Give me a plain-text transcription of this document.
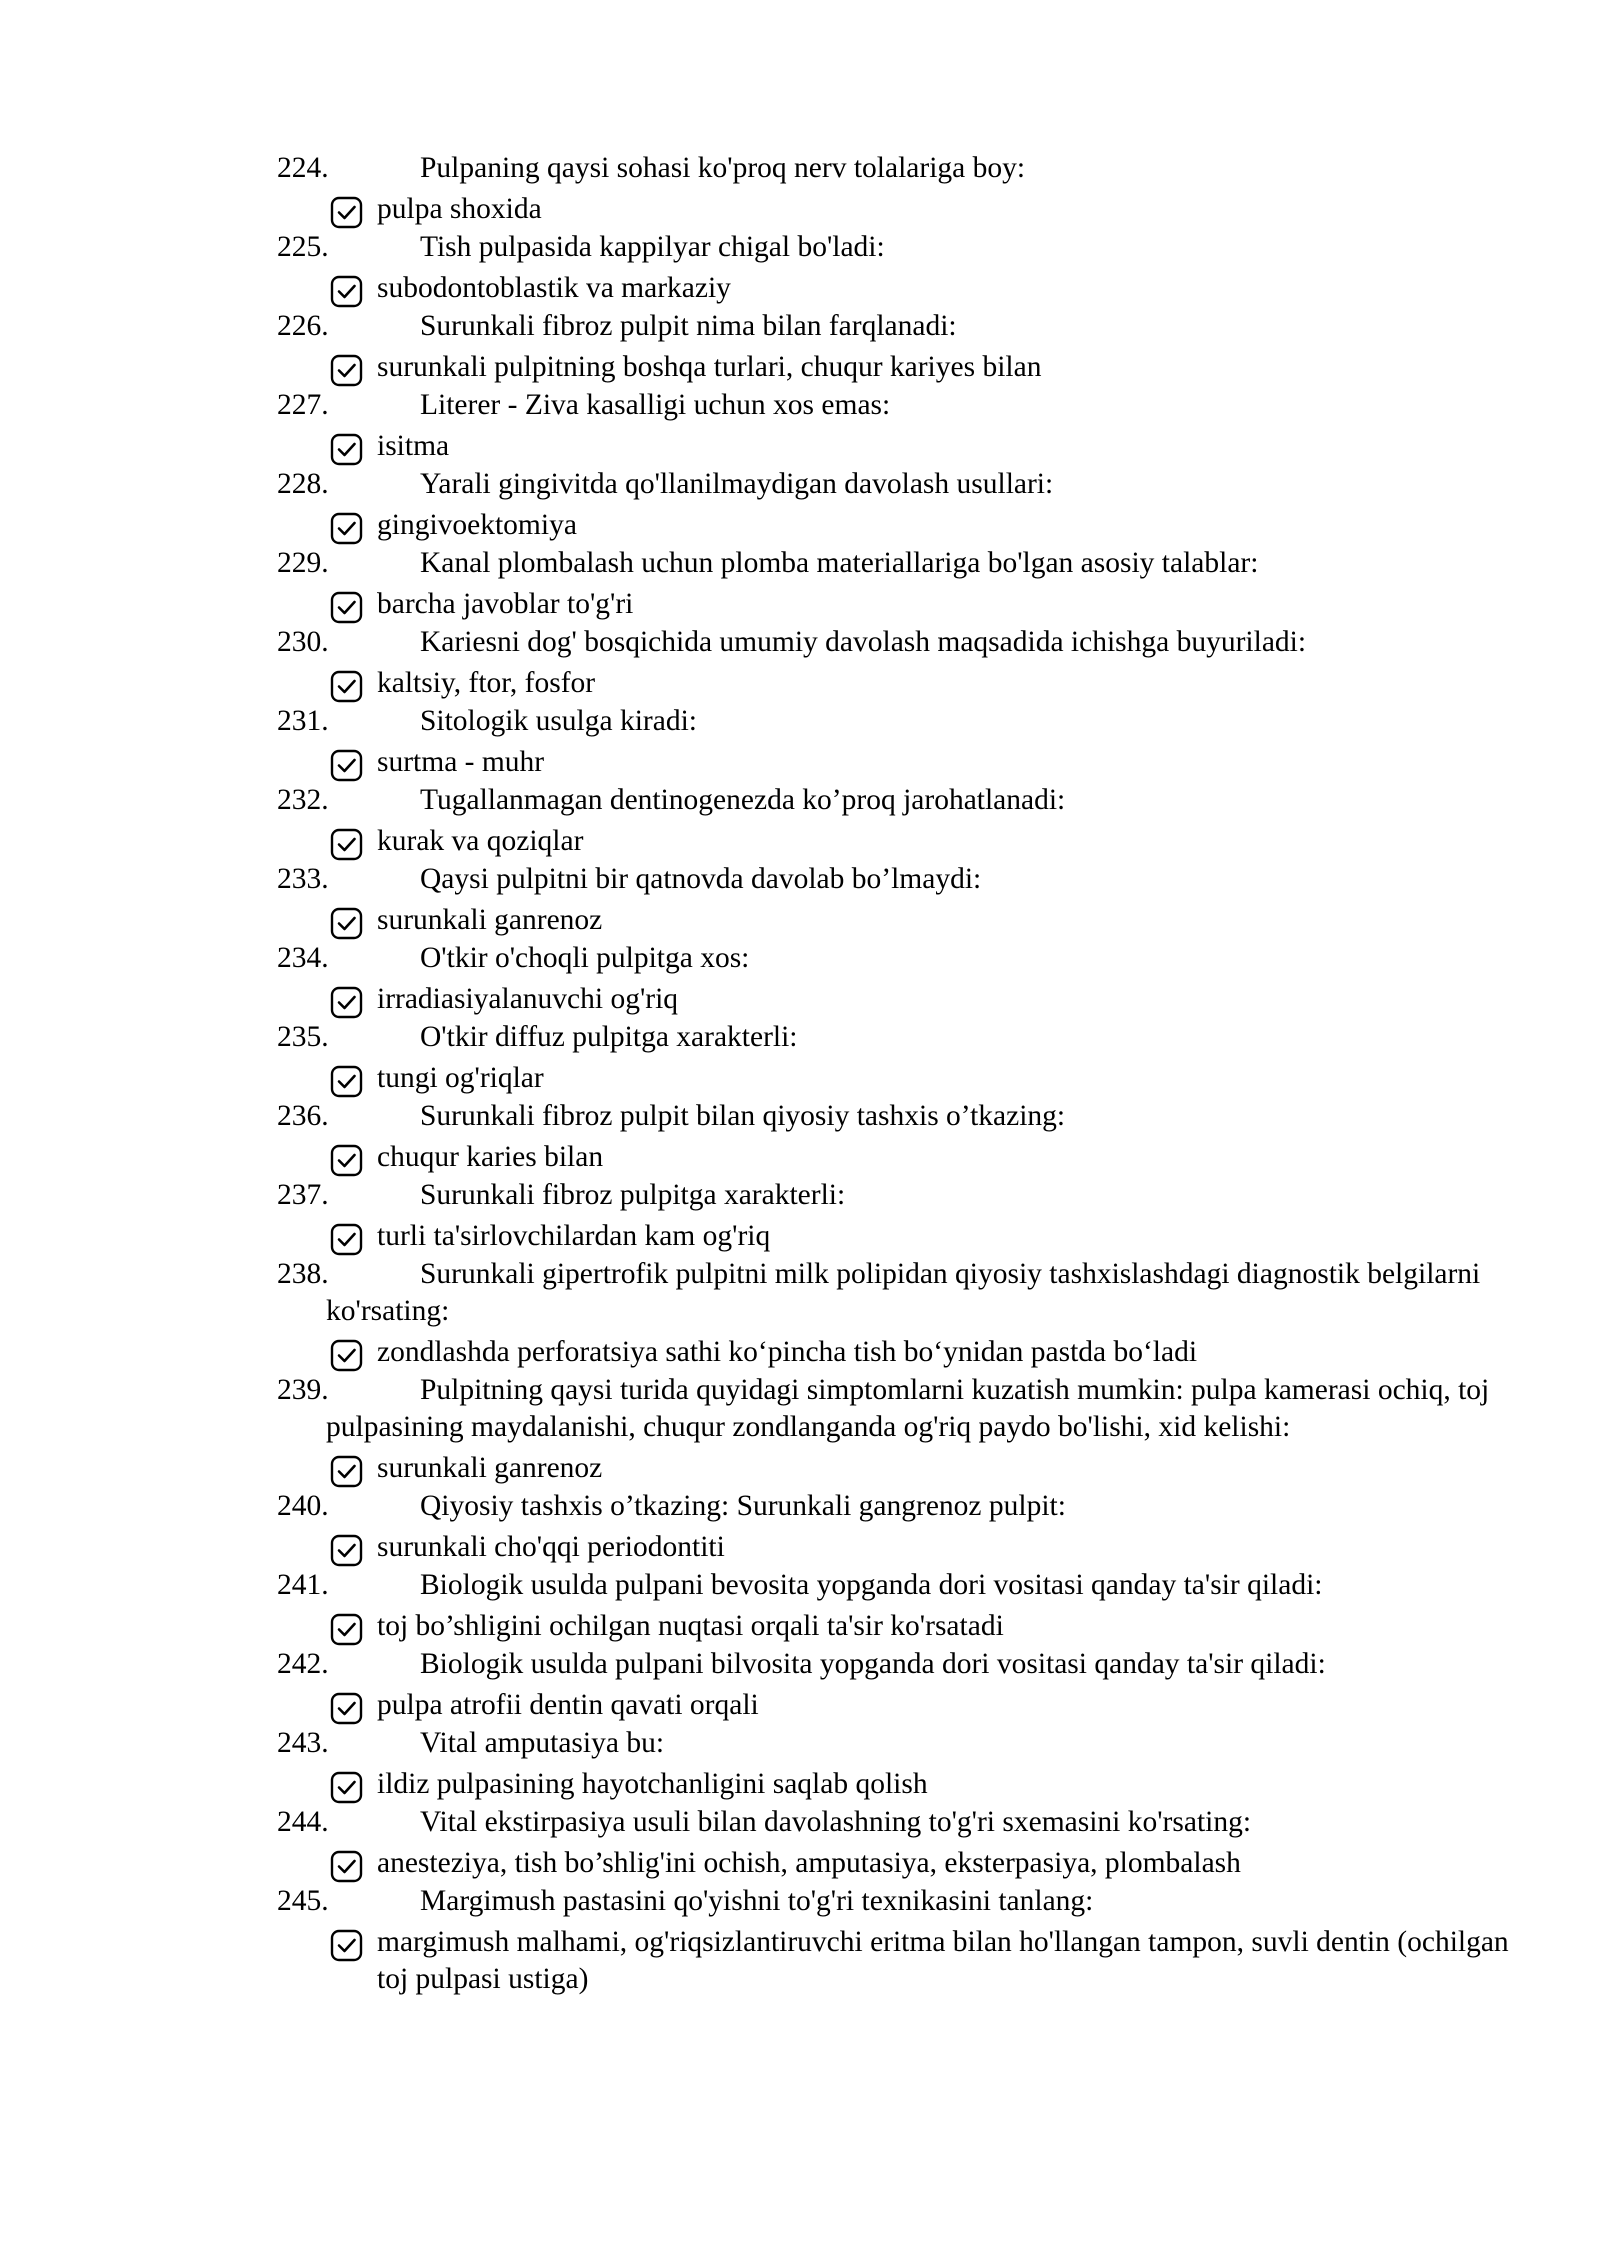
224.	Pulpaning qaysi sohasi ko'proq nerv tolalariga boy:
pulpa shoxida
225.	Tish pulpasida kappilyar chigal bo'ladi:
subodontoblastik va markaziy
226.	Surunkali fibroz pulpit nima bilan farqlanadi:
surunkali pulpitning boshqa turlari, chuqur kariyes bilan
227.	Literer - Ziva kasalligi uchun xos emas:
isitma
228.	Yarali gingivitda qo'llanilmaydigan davolash usullari:
gingivoektomiya
229.	Kanal plombalash uchun plomba materiallariga bo'lgan asosiy talablar:
barcha javoblar to'g'ri
230.	Kariesni dog' bosqichida umumiy davolash maqsadida ichishga buyuriladi:
kaltsiy, ftor, fosfor
231.	Sitologik usulga kiradi:
surtma - muhr
232.	Tugallanmagan dentinogenezda ko’proq jarohatlanadi:
kurak va qoziqlar
233.	Qaysi pulpitni bir qatnovda davolab bo’lmaydi:
surunkali ganrenoz
234.	O'tkir o'choqli pulpitga xos:
irradiasiyalanuvchi og'riq
235.	O'tkir diffuz pulpitga xarakterli:
tungi og'riqlar
236.	Surunkali fibroz pulpit bilan qiyosiy tashxis o’tkazing:
chuqur karies bilan
237.	Surunkali fibroz pulpitga xarakterli:
turli ta'sirlovchilardan kam og'riq
238.	Surunkali gipertrofik pulpitni milk polipidan qiyosiy tashxislashdagi diagnostik belgilarni ko'rsating:
zondlashda perforatsiya sathi ko‘pincha tish bo‘ynidan pastda bo‘ladi
239.	Pulpitning qaysi turida quyidagi simptomlarni kuzatish mumkin: pulpa kamerasi ochiq, toj pulpasining maydalanishi, chuqur zondlanganda og'riq paydo bo'lishi, xid kelishi:
surunkali ganrenoz
240.	Qiyosiy tashxis o’tkazing: Surunkali gangrenoz pulpit:
surunkali cho'qqi periodontiti
241.	Biologik usulda pulpani bevosita yopganda dori vositasi qanday ta'sir qiladi:
toj bo’shligini ochilgan nuqtasi orqali ta'sir ko'rsatadi
242.	Biologik usulda pulpani bilvosita yopganda dori vositasi qanday ta'sir qiladi:
pulpa atrofii dentin qavati orqali
243.	Vital amputasiya bu:
ildiz pulpasining hayotchanligini saqlab qolish
244.	Vital ekstirpasiya usuli bilan davolashning to'g'ri sxemasini ko'rsating:
anesteziya, tish bo’shlig'ini ochish, amputasiya, eksterpasiya, plombalash
245.	Margimush pastasini qo'yishni to'g'ri texnikasini tanlang:
margimush malhami, og'riqsizlantiruvchi eritma bilan ho'llangan tampon, suvli dentin (ochilgan toj pulpasi ustiga)
